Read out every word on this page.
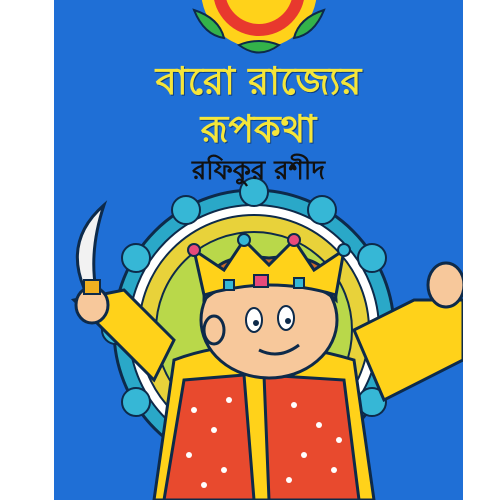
বারো রাজ্যের
রূপকথা
রফিকুর রশীদ
